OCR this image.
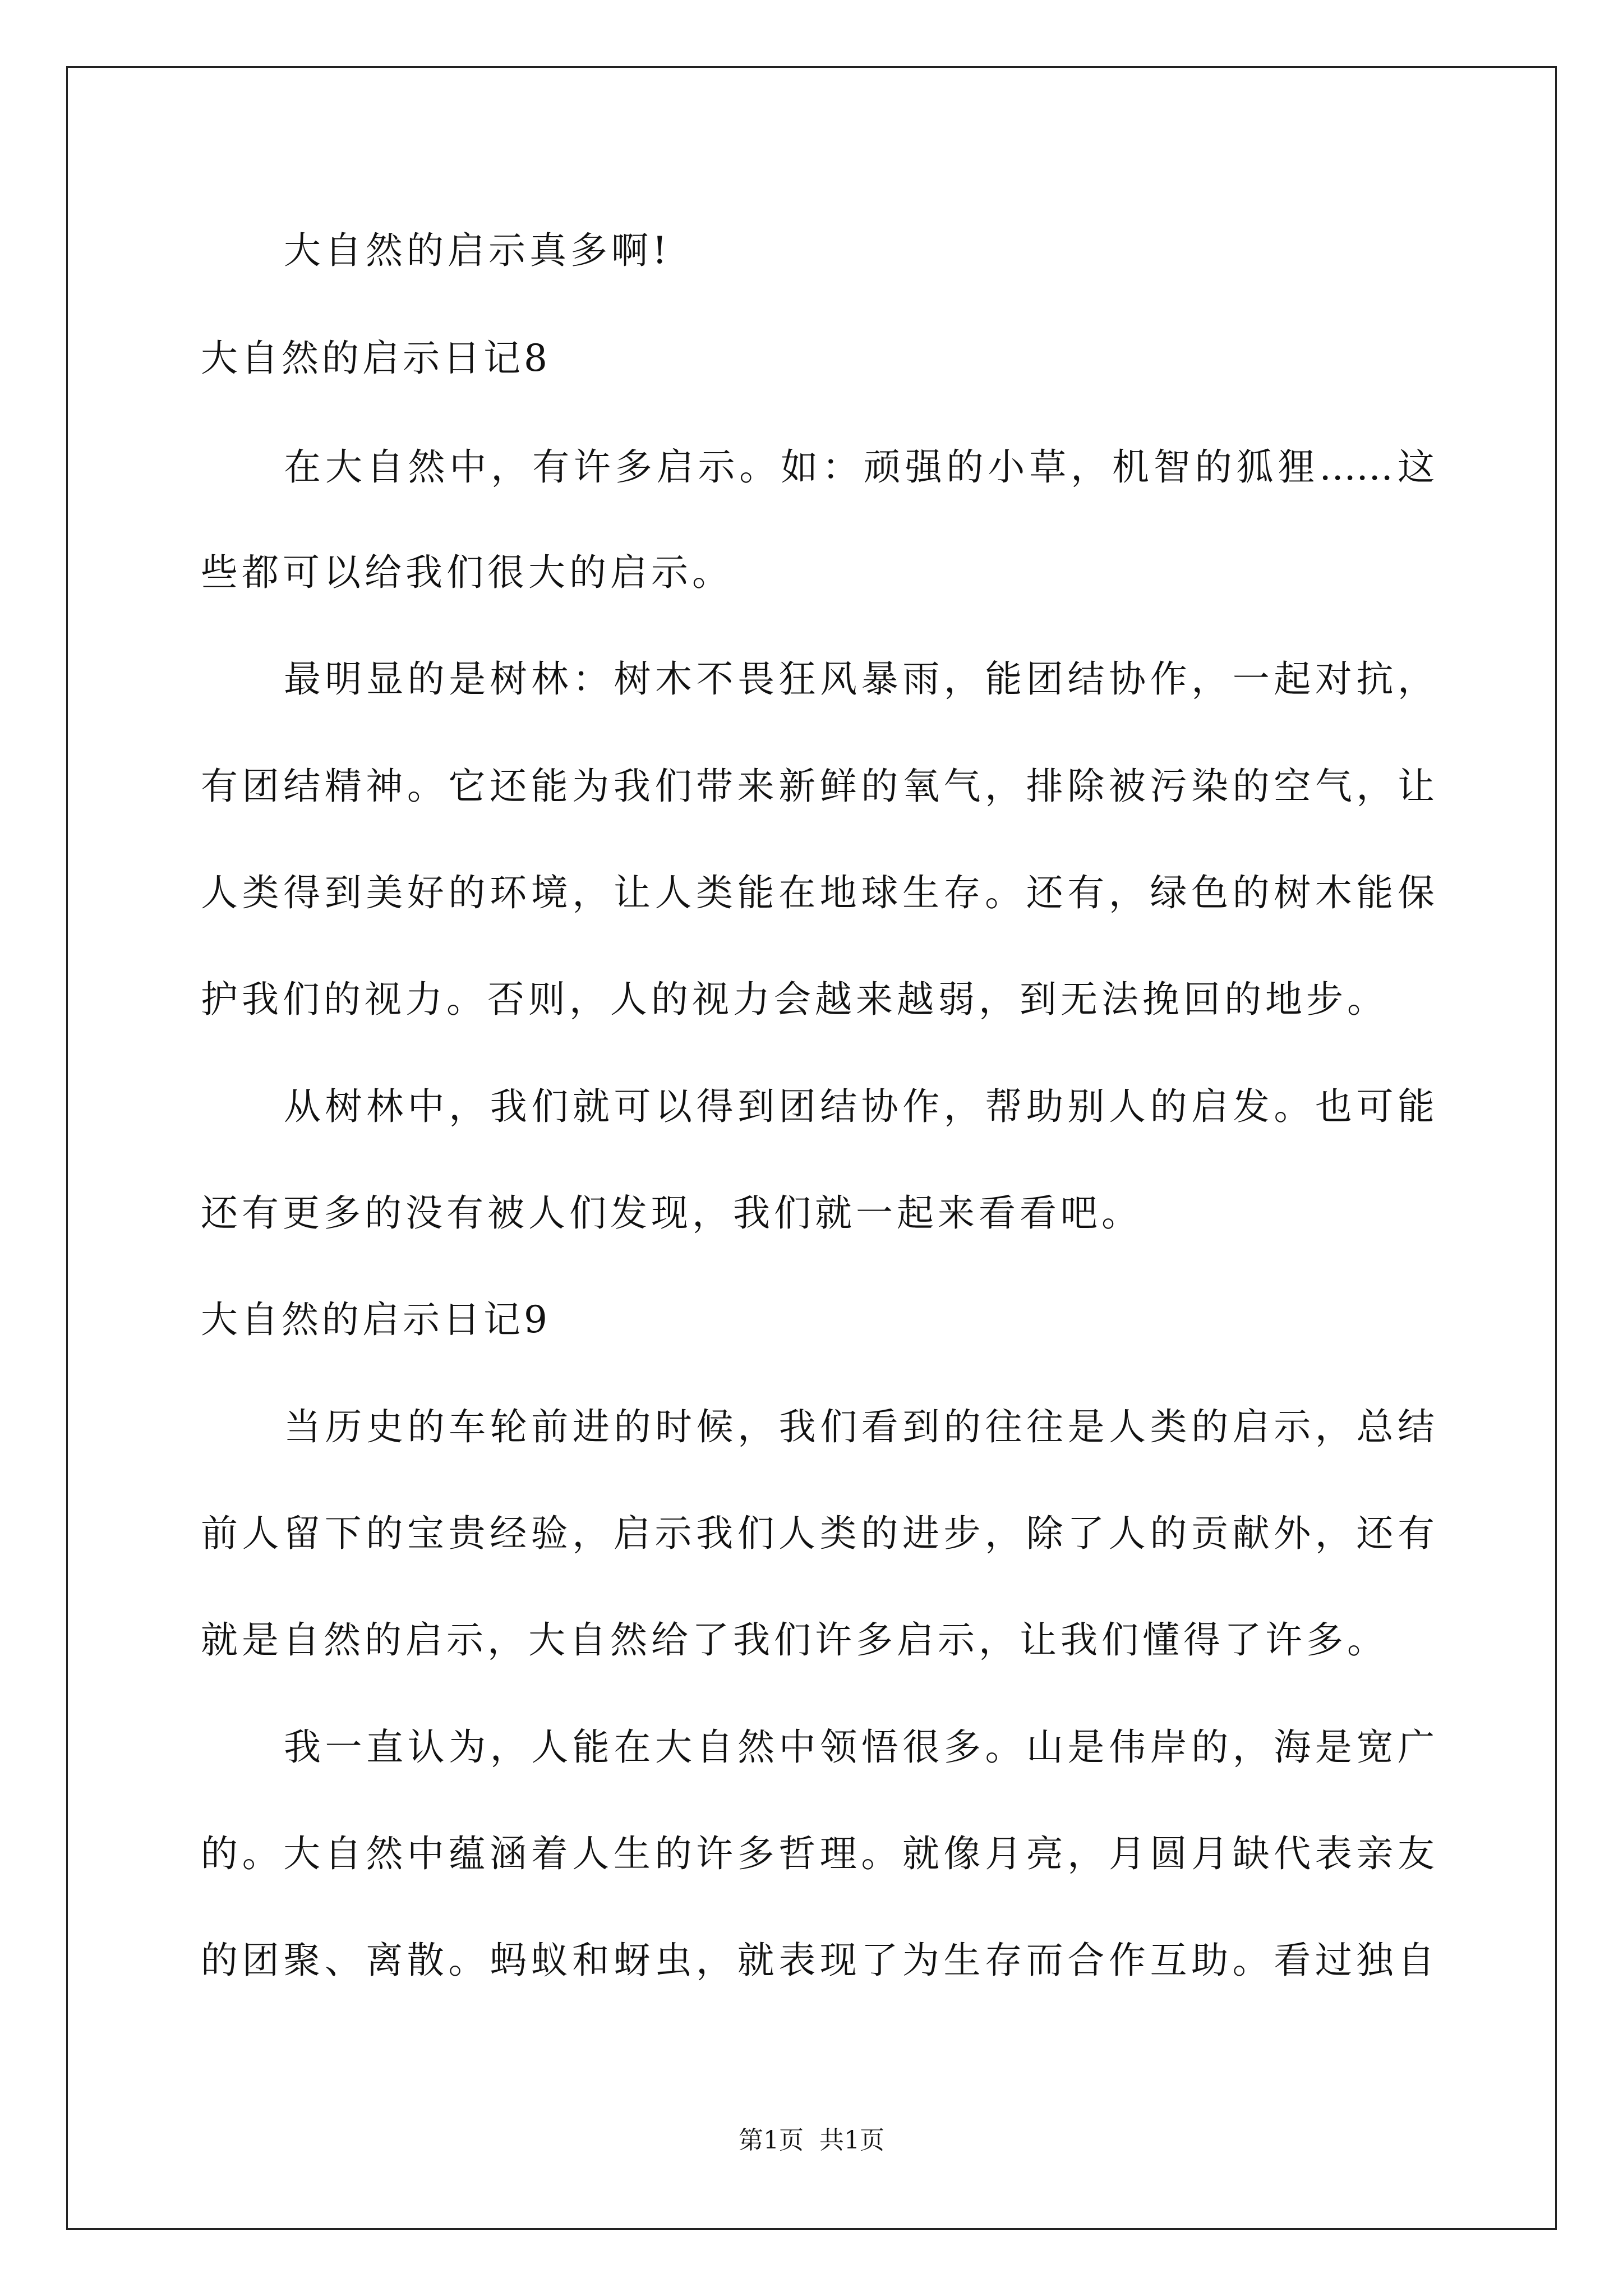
大自然的启示真多啊!
大自然的启示日记8
在大自然中，有许多启示。如：顽强的小草，机智的狐狸……这
些都可以给我们很大的启示。
最明显的是树林：树木不畏狂风暴雨，能团结协作，一起对抗，
有团结精神。它还能为我们带来新鲜的氧气，排除被污染的空气，让
人类得到美好的环境，让人类能在地球生存。还有，绿色的树木能保
护我们的视力。否则，人的视力会越来越弱，到无法挽回的地步。
从树林中，我们就可以得到团结协作，帮助别人的启发。也可能
还有更多的没有被人们发现，我们就一起来看看吧。
大自然的启示日记9
当历史的车轮前进的时候，我们看到的往往是人类的启示，总结
前人留下的宝贵经验，启示我们人类的进步，除了人的贡献外，还有
就是自然的启示，大自然给了我们许多启示，让我们懂得了许多。
我一直认为，人能在大自然中领悟很多。山是伟岸的，海是宽广
的。大自然中蕴涵着人生的许多哲理。就像月亮，月圆月缺代表亲友
的团聚、离散。蚂蚁和蚜虫，就表现了为生存而合作互助。看过独自
第1页 共1页
